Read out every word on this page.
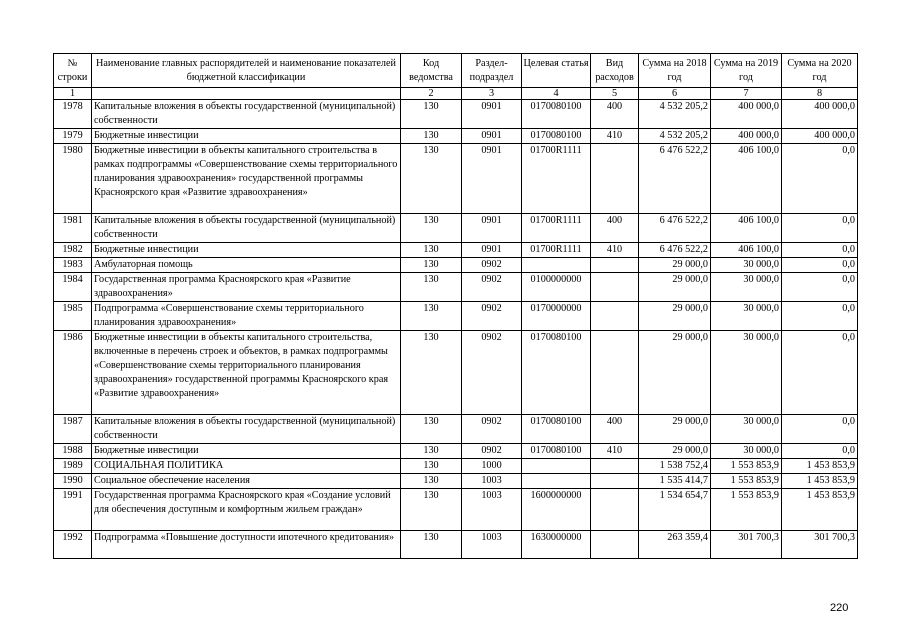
№ строки	Наименование главных распорядителей и наименование показателей бюджетной классификации	Код ведомства	Раздел-подраздел	Целевая статья	Вид расходов	Сумма на 2018 год	Сумма на 2019 год	Сумма на 2020 год
1		2	3	4	5	6	7	8
1978	Капитальные вложения в объекты государственной (муниципальной) собственности	130	0901	0170080100	400	4 532 205,2	400 000,0	400 000,0
1979	Бюджетные инвестиции	130	0901	0170080100	410	4 532 205,2	400 000,0	400 000,0
1980	Бюджетные инвестиции в объекты капитального строительства в рамках подпрограммы «Совершенствование схемы территориального планирования здравоохранения» государственной программы Красноярского края «Развитие здравоохранения»	130	0901	01700R1111		6 476 522,2	406 100,0	0,0
1981	Капитальные вложения в объекты государственной (муниципальной) собственности	130	0901	01700R1111	400	6 476 522,2	406 100,0	0,0
1982	Бюджетные инвестиции	130	0901	01700R1111	410	6 476 522,2	406 100,0	0,0
1983	Амбулаторная помощь	130	0902			29 000,0	30 000,0	0,0
1984	Государственная программа Красноярского края «Развитие здравоохранения»	130	0902	0100000000		29 000,0	30 000,0	0,0
1985	Подпрограмма «Совершенствование схемы территориального планирования здравоохранения»	130	0902	0170000000		29 000,0	30 000,0	0,0
1986	Бюджетные инвестиции в объекты капитального строительства, включенные в перечень строек и объектов, в рамках подпрограммы «Совершенствование схемы территориального планирования здравоохранения» государственной программы Красноярского края «Развитие здравоохранения»	130	0902	0170080100		29 000,0	30 000,0	0,0
1987	Капитальные вложения в объекты государственной (муниципальной) собственности	130	0902	0170080100	400	29 000,0	30 000,0	0,0
1988	Бюджетные инвестиции	130	0902	0170080100	410	29 000,0	30 000,0	0,0
1989	СОЦИАЛЬНАЯ ПОЛИТИКА	130	1000			1 538 752,4	1 553 853,9	1 453 853,9
1990	Социальное обеспечение населения	130	1003			1 535 414,7	1 553 853,9	1 453 853,9
1991	Государственная программа Красноярского края «Создание условий для обеспечения доступным и комфортным жильем граждан»	130	1003	1600000000		1 534 654,7	1 553 853,9	1 453 853,9
1992	Подпрограмма «Повышение доступности ипотечного кредитования»	130	1003	1630000000		263 359,4	301 700,3	301 700,3
220
